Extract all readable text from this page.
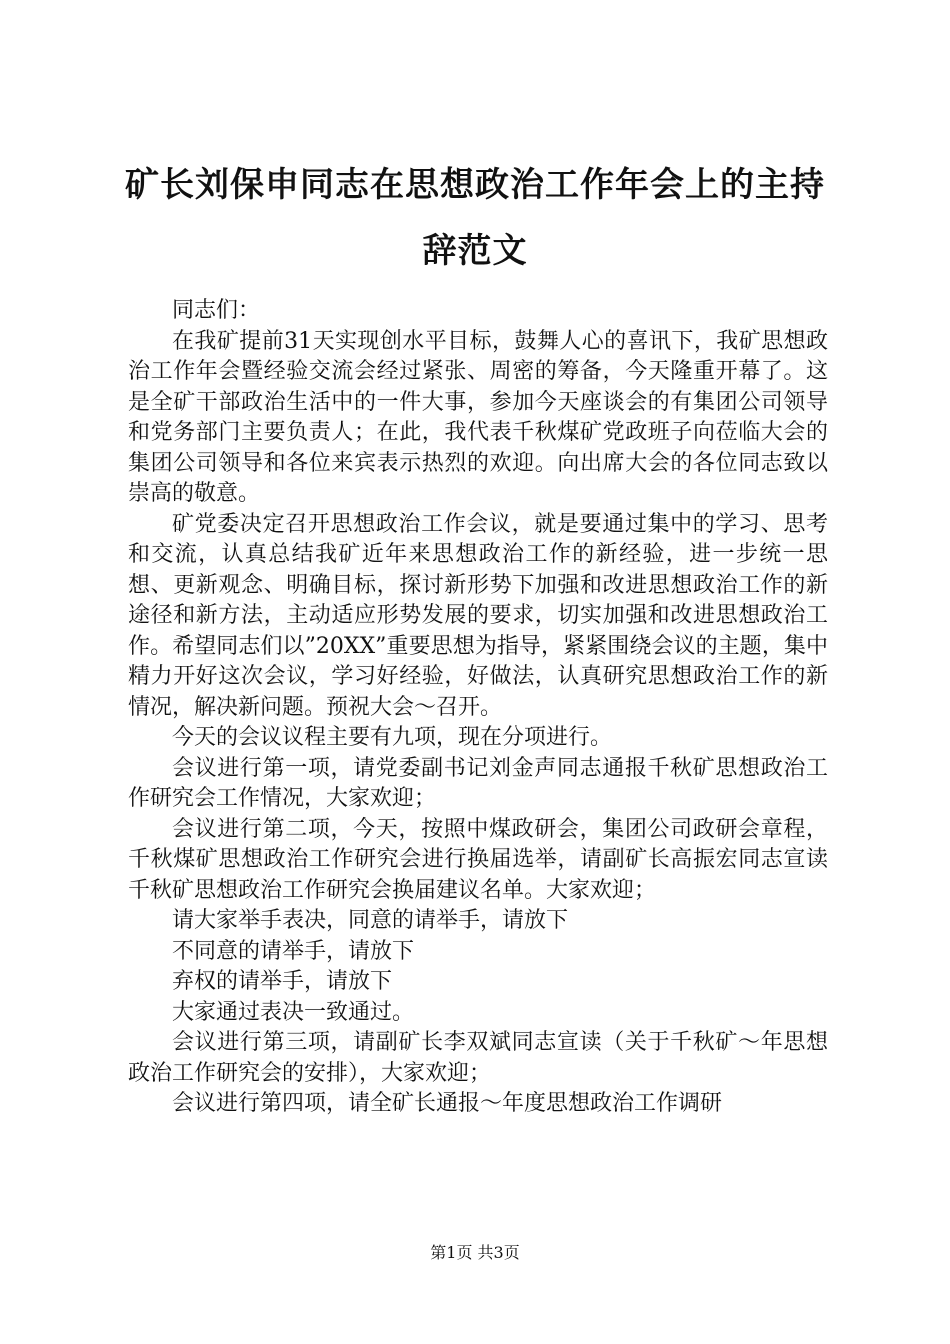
矿长刘保申同志在思想政治工作年会上的主持辞范文

同志们：

在我矿提前31天实现创水平目标，鼓舞人心的喜讯下，我矿思想政治工作年会暨经验交流会经过紧张、周密的筹备，今天隆重开幕了。这是全矿干部政治生活中的一件大事，参加今天座谈会的有集团公司领导和党务部门主要负责人；在此，我代表千秋煤矿党政班子向莅临大会的集团公司领导和各位来宾表示热烈的欢迎。向出席大会的各位同志致以崇高的敬意。

矿党委决定召开思想政治工作会议，就是要通过集中的学习、思考和交流，认真总结我矿近年来思想政治工作的新经验，进一步统一思想、更新观念、明确目标，探讨新形势下加强和改进思想政治工作的新途径和新方法，主动适应形势发展的要求，切实加强和改进思想政治工作。希望同志们以”20XX”重要思想为指导，紧紧围绕会议的主题，集中精力开好这次会议，学习好经验，好做法，认真研究思想政治工作的新情况，解决新问题。预祝大会～召开。

今天的会议议程主要有九项，现在分项进行。

会议进行第一项，请党委副书记刘金声同志通报千秋矿思想政治工作研究会工作情况，大家欢迎；

会议进行第二项，今天，按照中煤政研会，集团公司政研会章程，千秋煤矿思想政治工作研究会进行换届选举，请副矿长高振宏同志宣读千秋矿思想政治工作研究会换届建议名单。大家欢迎；

请大家举手表决，同意的请举手，请放下

不同意的请举手，请放下

弃权的请举手，请放下

大家通过表决一致通过。

会议进行第三项，请副矿长李双斌同志宣读（关于千秋矿～年思想政治工作研究会的安排），大家欢迎；

会议进行第四项，请全矿长通报～年度思想政治工作调研

第1页 共3页
